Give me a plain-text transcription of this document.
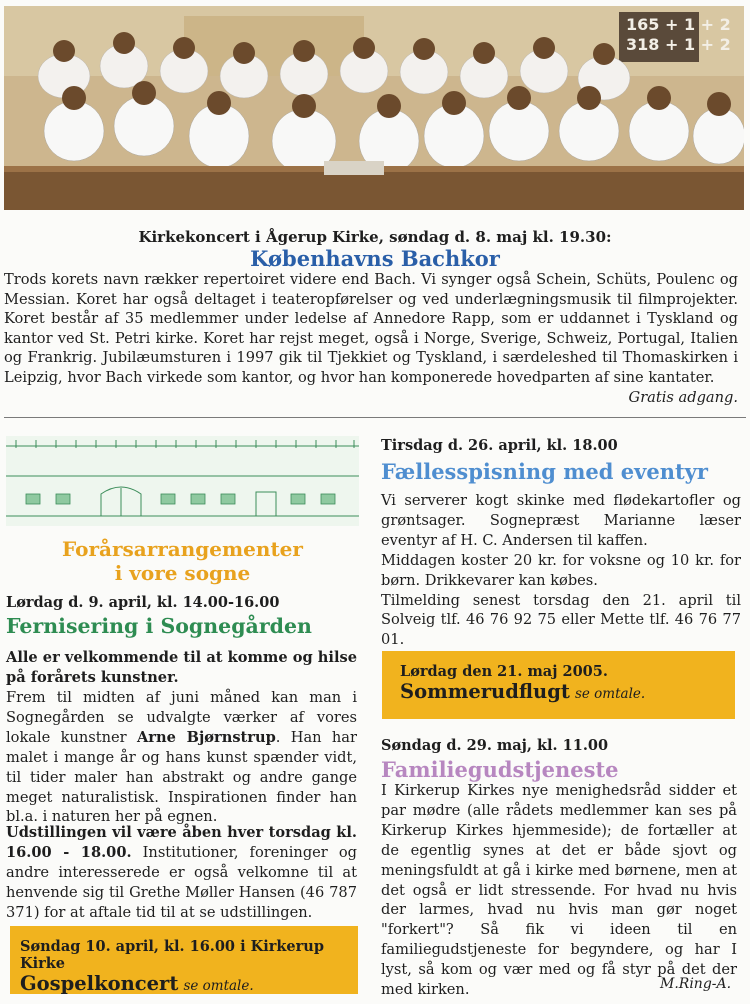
165 + 1 + 2
318 + 1 + 2
Kirkekoncert i Ågerup Kirke, søndag d. 8. maj kl. 19.30:
Københavns Bachkor
Trods korets navn rækker repertoiret videre end Bach. Vi synger også Schein, Schüts, Poulenc og Messian. Koret har også deltaget i teateropførelser og ved underlægningsmusik til filmprojekter. Koret består af 35 medlemmer under ledelse af Annedore Rapp, som er uddannet i Tyskland og kantor ved St. Petri kirke. Koret har rejst meget, også i Norge, Sverige, Schweiz, Portugal, Italien og Frankrig. Jubilæumsturen i 1997 gik til Tjekkiet og Tyskland, i særdeleshed til Thomaskirken i Leipzig, hvor Bach virkede som kantor, og hvor han komponerede hovedparten af sine kantater.
Gratis adgang.
Forårsarrangementer
i vore sogne
Lørdag d. 9. april, kl. 14.00-16.00
Fernisering i Sognegården
Alle er velkommende til at komme og hilse på forårets kunstner.
Frem til midten af juni måned kan man i Sognegården se udvalgte værker af vores lokale kunstner Arne Bjørnstrup. Han har malet i mange år og hans kunst spænder vidt, til tider maler han abstrakt og andre gange meget naturalistisk. Inspirationen finder han bl.a. i naturen her på egnen.
Udstillingen vil være åben hver torsdag kl. 16.00 - 18.00. Institutioner, foreninger og andre interesserede er også velkomne til at henvende sig til Grethe Møller Hansen (46 787 371) for at aftale tid til at se udstillingen.
Søndag 10. april, kl. 16.00 i Kirkerup Kirke
Gospelkoncert se omtale.
Tirsdag d. 26. april, kl. 18.00
Fællesspisning med eventyr
Vi serverer kogt skinke med flødekartofler og grøntsager. Sognepræst Marianne læser eventyr af H. C. Andersen til kaffen.
Middagen koster 20 kr. for voksne og 10 kr. for børn. Drikkevarer kan købes.
Tilmelding senest torsdag den 21. april til Solveig tlf. 46 76 92 75 eller Mette tlf. 46 76 77 01.
Lørdag den 21. maj 2005.
Sommerudflugt se omtale.
Søndag d. 29. maj, kl. 11.00
Familiegudstjeneste
I Kirkerup Kirkes nye menighedsråd sidder et par mødre (alle rådets medlemmer kan ses på Kirkerup Kirkes hjemmeside); de fortæller at de egentlig synes at det er både sjovt og meningsfuldt at gå i kirke med børnene, men at det også er lidt stressende. For hvad nu hvis der larmes, hvad nu hvis man gør noget "forkert"? Så fik vi ideen til en familiegudstjeneste for begyndere, og har I lyst, så kom og vær med og få styr på det der med kirken.	M.Ring-A.
